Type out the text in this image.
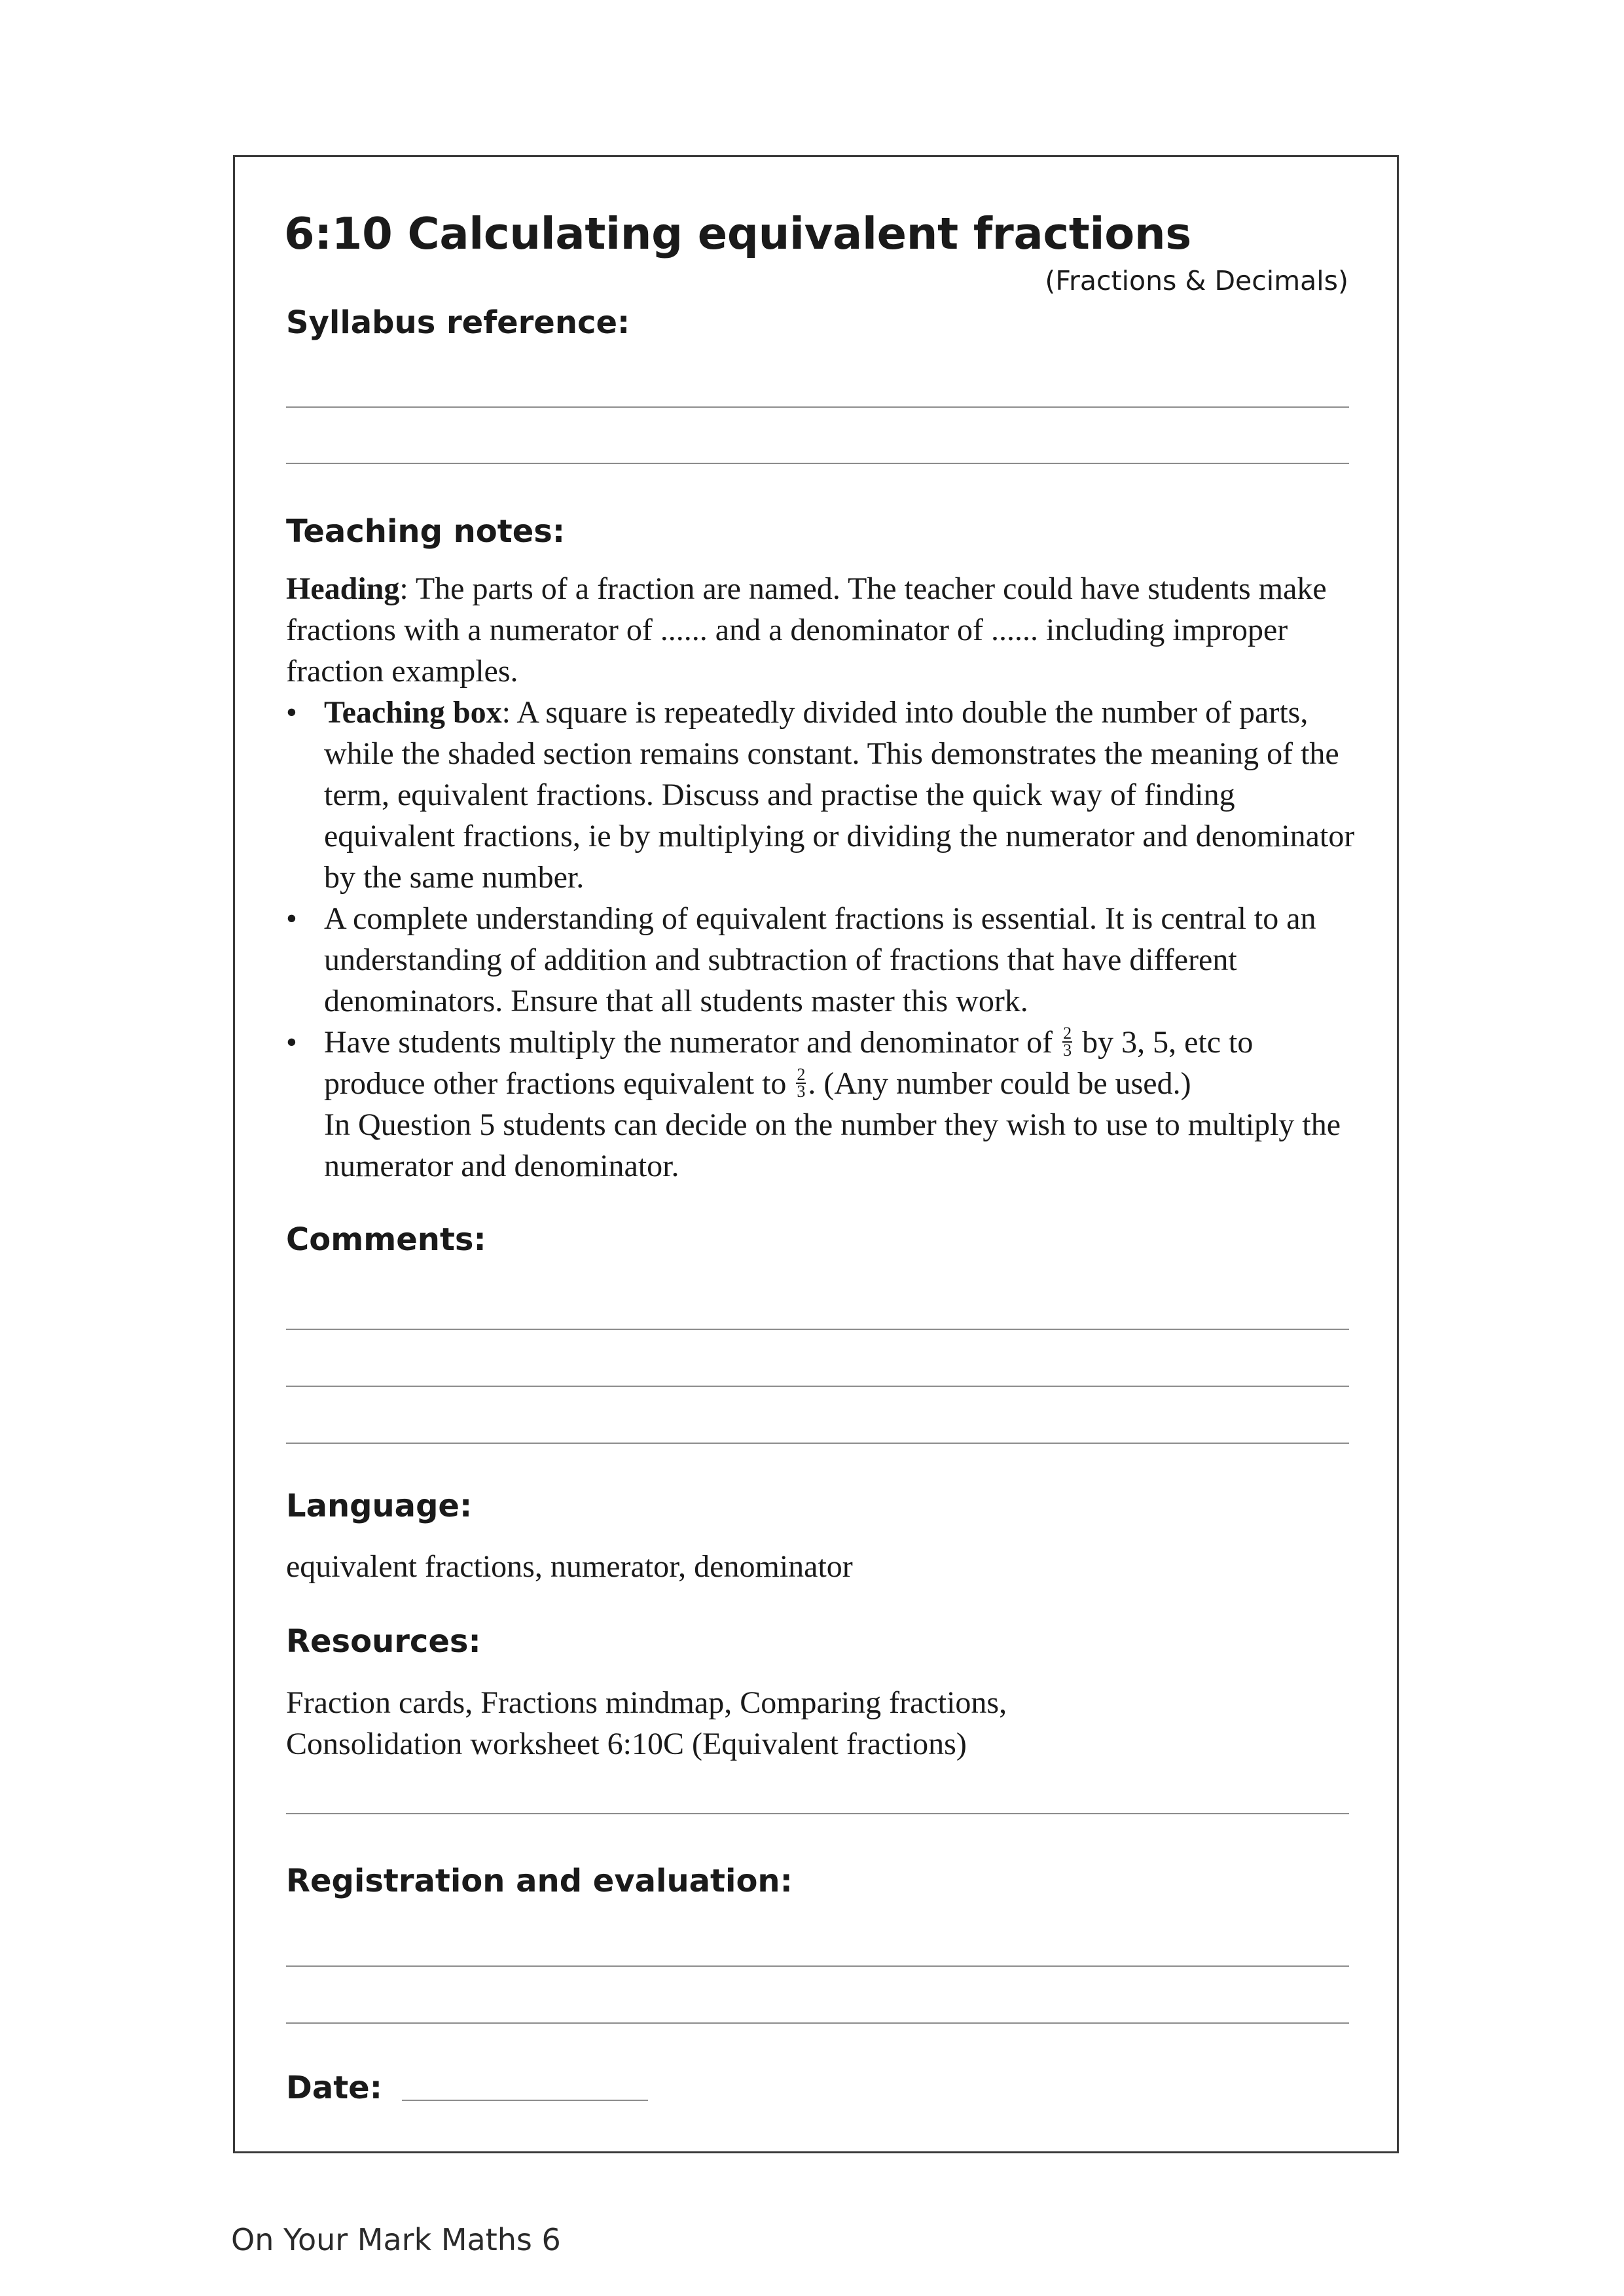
6:10 Calculating equivalent fractions
(Fractions & Decimals)
Syllabus reference:
Teaching notes:
Heading: The parts of a fraction are named. The teacher could have students make fractions with a numerator of ...... and a denominator of ...... including improper fraction examples.
• Teaching box: A square is repeatedly divided into double the number of parts, while the shaded section remains constant. This demonstrates the meaning of the term, equivalent fractions. Discuss and practise the quick way of finding equivalent fractions, ie by multiplying or dividing the numerator and denominator by the same number.
• A complete understanding of equivalent fractions is essential. It is central to an understanding of addition and subtraction of fractions that have different denominators. Ensure that all students master this work.
• Have students multiply the numerator and denominator of $\frac{2}{3}$ by 3, 5, etc to produce other fractions equivalent to $\frac{2}{3}$ . (Any number could be used.)
In Question 5 students can decide on the number they wish to use to multiply the numerator and denominator.
Comments:
Language:
equivalent fractions, numerator, denominator
Resources:
Fraction cards, Fractions mindmap, Comparing fractions,
Consolidation worksheet 6:10C (Equivalent fractions)
Registration and evaluation:
Date:
On Your Mark Maths 6
